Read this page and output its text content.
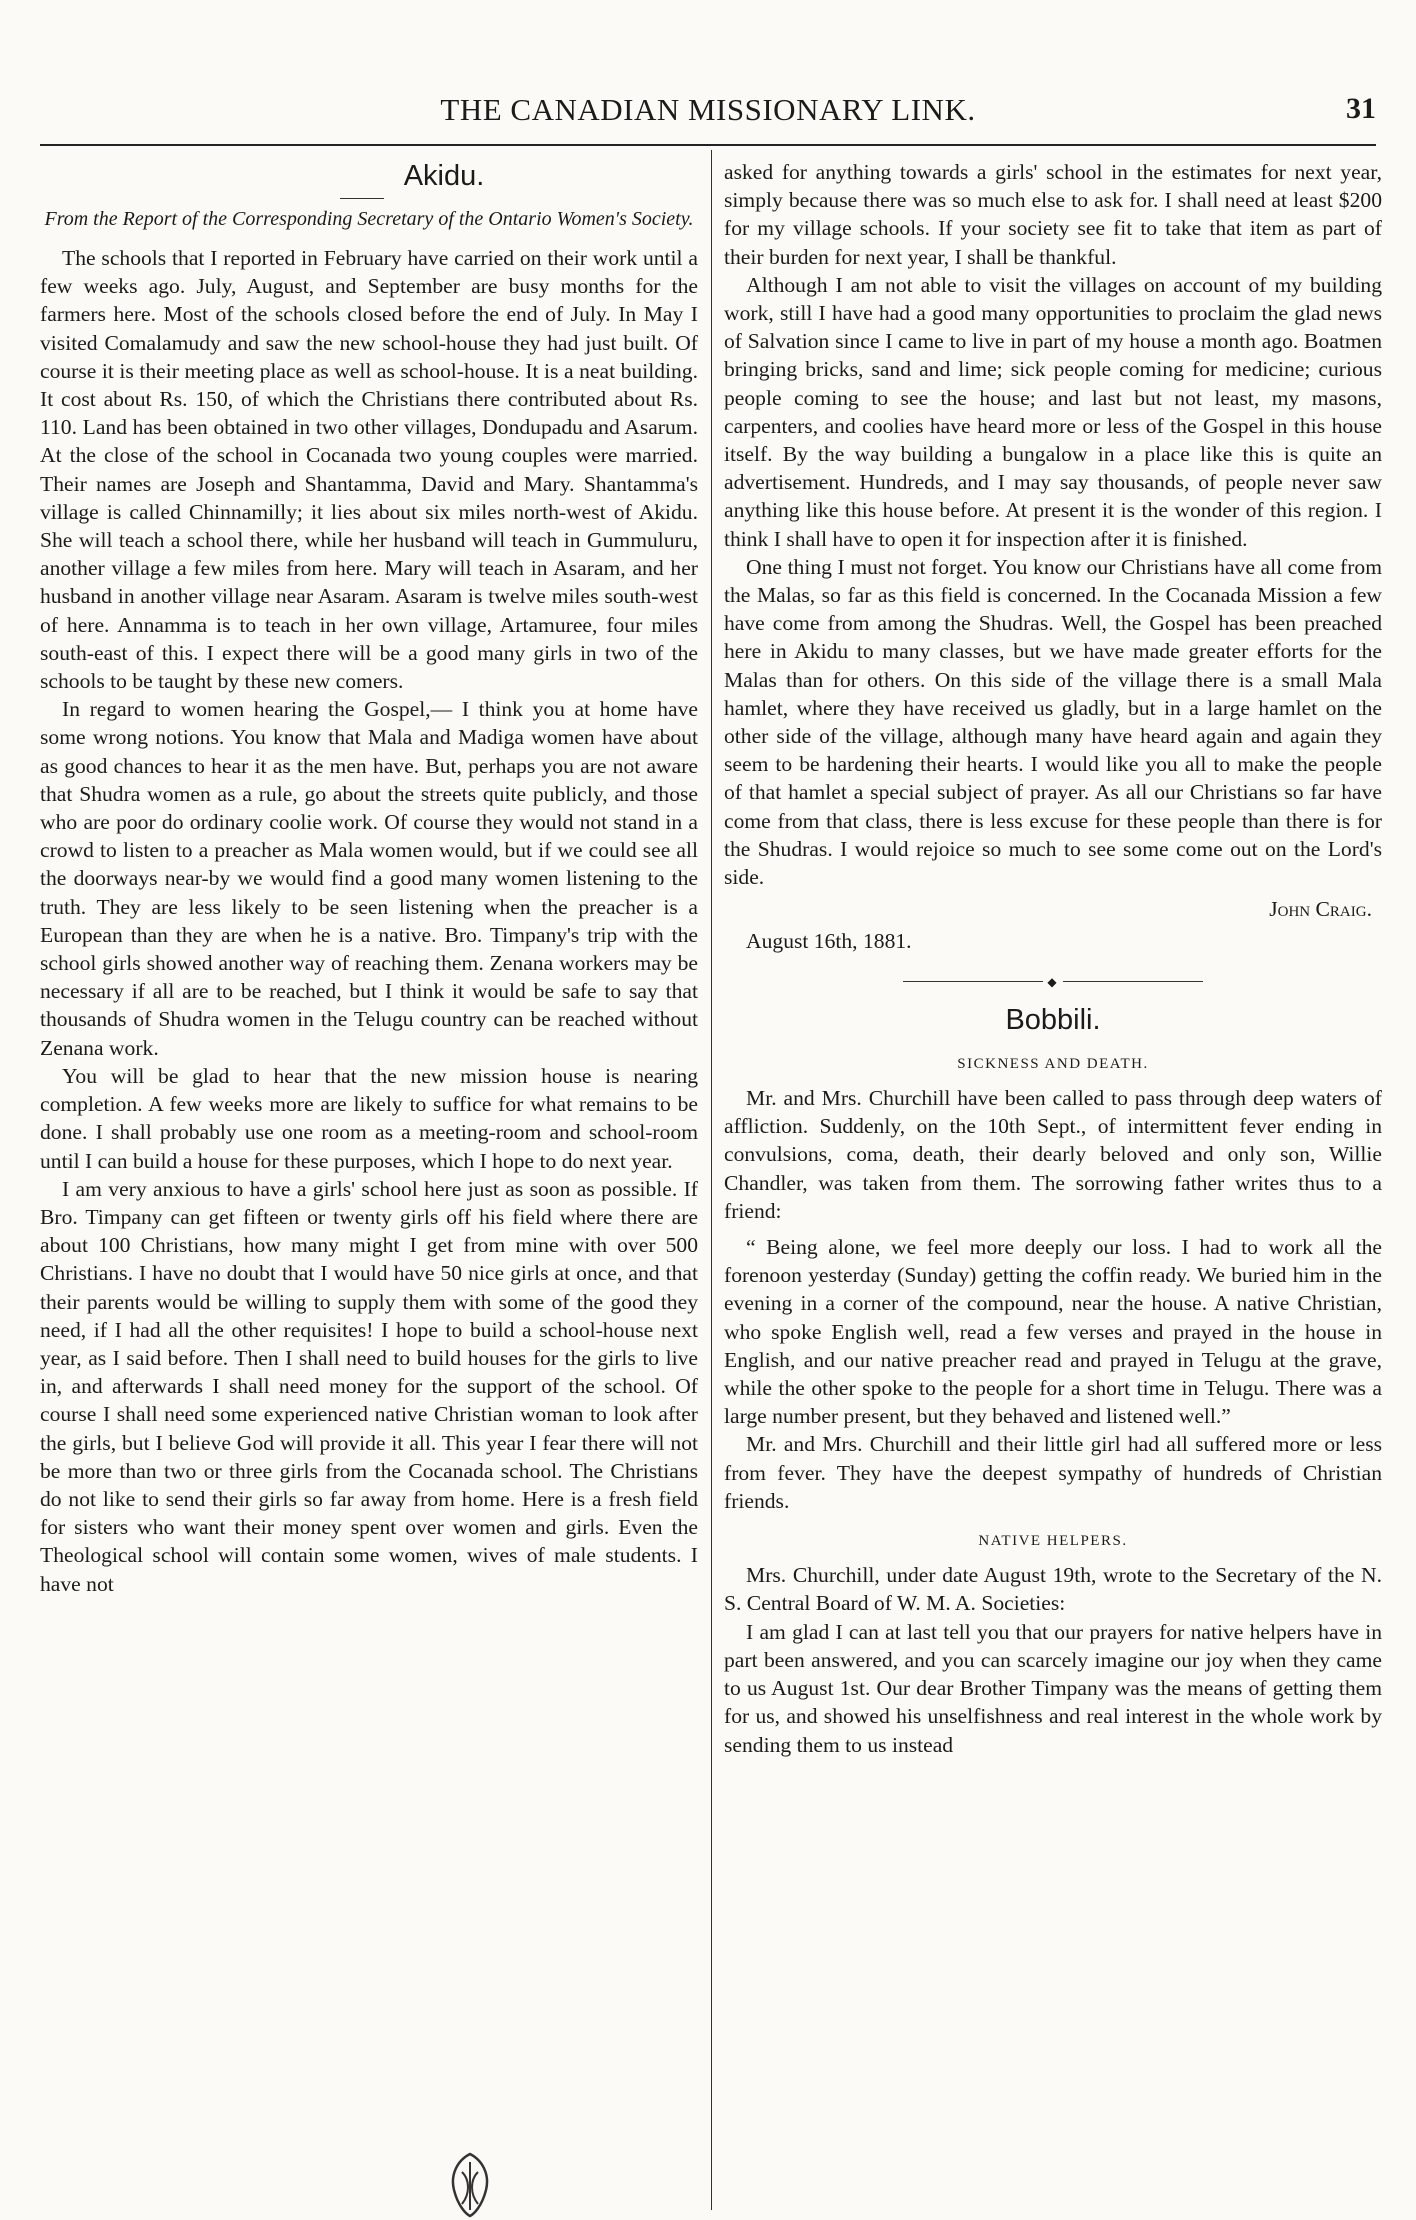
THE CANADIAN MISSIONARY LINK.	31
Akidu.
From the Report of the Corresponding Secretary of the Ontario Women's Society.

The schools that I reported in February have carried on their work until a few weeks ago. July, August, and September are busy months for the farmers here. Most of the schools closed before the end of July. In May I visited Comalamudy and saw the new school-house they had just built. Of course it is their meeting place as well as school-house. It is a neat building. It cost about Rs. 150, of which the Christians there contributed about Rs. 110. Land has been obtained in two other villages, Dondupadu and Asarum. At the close of the school in Cocanada two young couples were married. Their names are Joseph and Shantamma, David and Mary. Shantamma's village is called Chinnamilly; it lies about six miles north-west of Akidu. She will teach a school there, while her husband will teach in Gummuluru, another village a few miles from here. Mary will teach in Asaram, and her husband in another village near Asaram. Asaram is twelve miles south-west of here. Annamma is to teach in her own village, Artamuree, four miles south-east of this. I expect there will be a good many girls in two of the schools to be taught by these new comers.

In regard to women hearing the Gospel,— I think you at home have some wrong notions. You know that Mala and Madiga women have about as good chances to hear it as the men have. But, perhaps you are not aware that Shudra women as a rule, go about the streets quite publicly, and those who are poor do ordinary coolie work. Of course they would not stand in a crowd to listen to a preacher as Mala women would, but if we could see all the doorways near-by we would find a good many women listening to the truth. They are less likely to be seen listening when the preacher is a European than they are when he is a native. Bro. Timpany's trip with the school girls showed another way of reaching them. Zenana workers may be necessary if all are to be reached, but I think it would be safe to say that thousands of Shudra women in the Telugu country can be reached without Zenana work.

You will be glad to hear that the new mission house is nearing completion. A few weeks more are likely to suffice for what remains to be done. I shall probably use one room as a meeting-room and school-room until I can build a house for these purposes, which I hope to do next year.

I am very anxious to have a girls' school here just as soon as possible. If Bro. Timpany can get fifteen or twenty girls off his field where there are about 100 Christians, how many might I get from mine with over 500 Christians. I have no doubt that I would have 50 nice girls at once, and that their parents would be willing to supply them with some of the good they need, if I had all the other requisites! I hope to build a school-house next year, as I said before. Then I shall need to build houses for the girls to live in, and afterwards I shall need money for the support of the school. Of course I shall need some experienced native Christian woman to look after the girls, but I believe God will provide it all. This year I fear there will not be more than two or three girls from the Cocanada school. The Christians do not like to send their girls so far away from home. Here is a fresh field for sisters who want their money spent over women and girls. Even the Theological school will contain some women, wives of male students. I have not

asked for anything towards a girls' school in the estimates for next year, simply because there was so much else to ask for. I shall need at least $200 for my village schools. If your society see fit to take that item as part of their burden for next year, I shall be thankful.

Although I am not able to visit the villages on account of my building work, still I have had a good many opportunities to proclaim the glad news of Salvation since I came to live in part of my house a month ago. Boatmen bringing bricks, sand and lime; sick people coming for medicine; curious people coming to see the house; and last but not least, my masons, carpenters, and coolies have heard more or less of the Gospel in this house itself. By the way building a bungalow in a place like this is quite an advertisement. Hundreds, and I may say thousands, of people never saw anything like this house before. At present it is the wonder of this region. I think I shall have to open it for inspection after it is finished.

One thing I must not forget. You know our Christians have all come from the Malas, so far as this field is concerned. In the Cocanada Mission a few have come from among the Shudras. Well, the Gospel has been preached here in Akidu to many classes, but we have made greater efforts for the Malas than for others. On this side of the village there is a small Mala hamlet, where they have received us gladly, but in a large hamlet on the other side of the village, although many have heard again and again they seem to be hardening their hearts. I would like you all to make the people of that hamlet a special subject of prayer. As all our Christians so far have come from that class, there is less excuse for these people than there is for the Shudras. I would rejoice so much to see some come out on the Lord's side.

John Craig.
August 16th, 1881.
◆
Bobbili.
SICKNESS AND DEATH.

Mr. and Mrs. Churchill have been called to pass through deep waters of affliction. Suddenly, on the 10th Sept., of intermittent fever ending in convulsions, coma, death, their dearly beloved and only son, Willie Chandler, was taken from them. The sorrowing father writes thus to a friend:

“ Being alone, we feel more deeply our loss. I had to work all the forenoon yesterday (Sunday) getting the coffin ready. We buried him in the evening in a corner of the compound, near the house. A native Christian, who spoke English well, read a few verses and prayed in the house in English, and our native preacher read and prayed in Telugu at the grave, while the other spoke to the people for a short time in Telugu. There was a large number present, but they behaved and listened well.”

Mr. and Mrs. Churchill and their little girl had all suffered more or less from fever. They have the deepest sympathy of hundreds of Christian friends.

NATIVE HELPERS.

Mrs. Churchill, under date August 19th, wrote to the Secretary of the N. S. Central Board of W. M. A. Societies:

I am glad I can at last tell you that our prayers for native helpers have in part been answered, and you can scarcely imagine our joy when they came to us August 1st. Our dear Brother Timpany was the means of getting them for us, and showed his unselfishness and real interest in the whole work by sending them to us instead
